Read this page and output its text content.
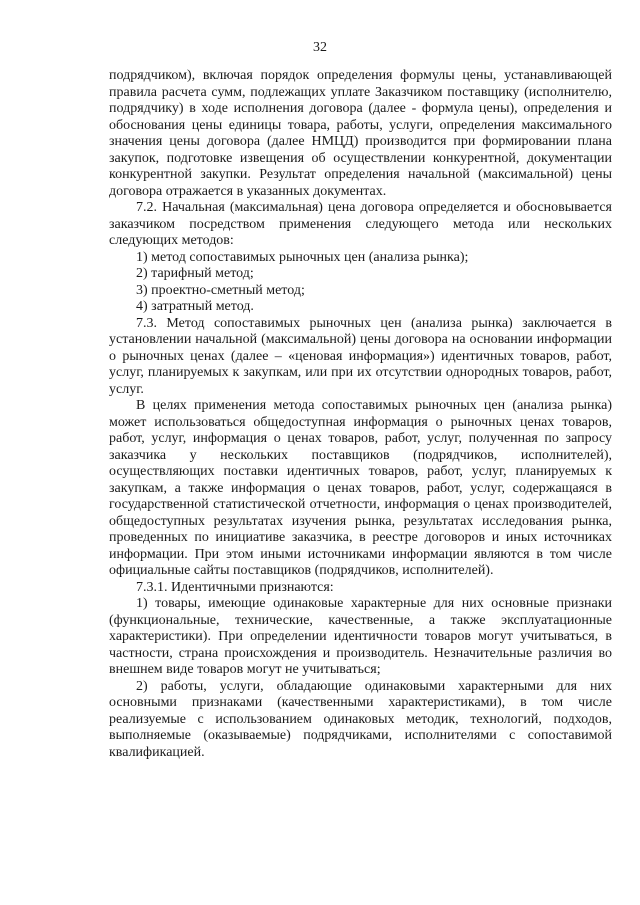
32

подрядчиком), включая порядок определения формулы цены, устанавливающей правила расчета сумм, подлежащих уплате Заказчиком поставщику (исполнителю, подрядчику) в ходе исполнения договора (далее - формула цены), определения и обоснования цены единицы товара, работы, услуги, определения максимального значения цены договора (далее НМЦД) производится при формировании плана закупок, подготовке извещения об осуществлении конкурентной, документации конкурентной закупки. Результат определения начальной (максимальной) цены договора отражается в указанных документах.

7.2. Начальная (максимальная) цена договора определяется и обосновывается заказчиком посредством применения следующего метода или нескольких следующих методов:

1) метод сопоставимых рыночных цен (анализа рынка);

2) тарифный метод;

3) проектно-сметный метод;

4) затратный метод.

7.3. Метод сопоставимых рыночных цен (анализа рынка) заключается в установлении начальной (максимальной) цены договора на основании информации о рыночных ценах (далее – «ценовая информация») идентичных товаров, работ, услуг, планируемых к закупкам, или при их отсутствии однородных товаров, работ, услуг.

В целях применения метода сопоставимых рыночных цен (анализа рынка) может использоваться общедоступная информация о рыночных ценах товаров, работ, услуг, информация о ценах товаров, работ, услуг, полученная по запросу заказчика у нескольких поставщиков (подрядчиков, исполнителей), осуществляющих поставки идентичных товаров, работ, услуг, планируемых к закупкам, а также информация о ценах товаров, работ, услуг, содержащаяся в государственной статистической отчетности, информация о ценах производителей, общедоступных результатах изучения рынка, результатах исследования рынка, проведенных по инициативе заказчика, в реестре договоров и иных источниках информации. При этом иными источниками информации являются в том числе официальные сайты поставщиков (подрядчиков, исполнителей).

7.3.1. Идентичными признаются:

1) товары, имеющие одинаковые характерные для них основные признаки (функциональные, технические, качественные, а также эксплуатационные характеристики). При определении идентичности товаров могут учитываться, в частности, страна происхождения и производитель. Незначительные различия во внешнем виде товаров могут не учитываться;

2) работы, услуги, обладающие одинаковыми характерными для них основными признаками (качественными характеристиками), в том числе реализуемые с использованием одинаковых методик, технологий, подходов, выполняемые (оказываемые) подрядчиками, исполнителями с сопоставимой квалификацией.
